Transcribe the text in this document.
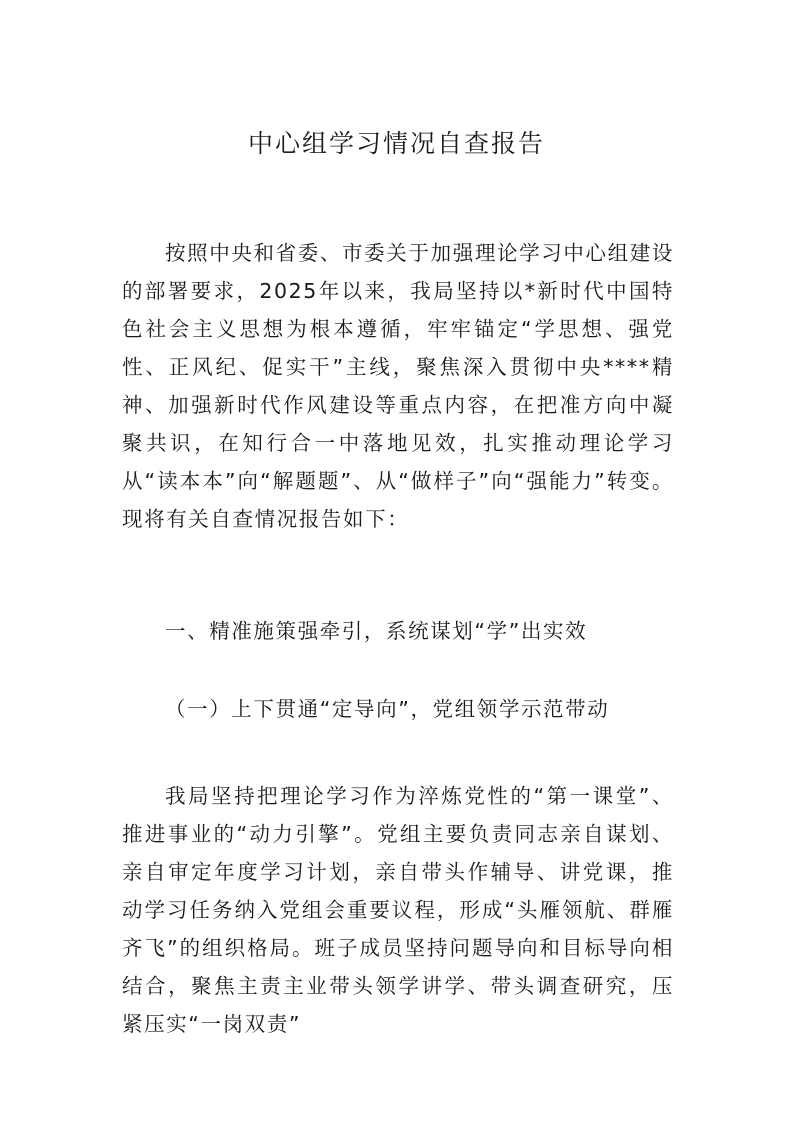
中心组学习情况自查报告

按照中央和省委、市委关于加强理论学习中心组建设的部署要求，2025年以来，我局坚持以*新时代中国特色社会主义思想为根本遵循，牢牢锚定“学思想、强党性、正风纪、促实干”主线，聚焦深入贯彻中央****精神、加强新时代作风建设等重点内容，在把准方向中凝聚共识，在知行合一中落地见效，扎实推动理论学习从“读本本”向“解题题”、从“做样子”向“强能力”转变。现将有关自查情况报告如下：

一、精准施策强牵引，系统谋划“学”出实效

（一）上下贯通“定导向”，党组领学示范带动

我局坚持把理论学习作为淬炼党性的“第一课堂”、推进事业的“动力引擎”。党组主要负责同志亲自谋划、亲自审定年度学习计划，亲自带头作辅导、讲党课，推动学习任务纳入党组会重要议程，形成“头雁领航、群雁齐飞”的组织格局。班子成员坚持问题导向和目标导向相结合，聚焦主责主业带头领学讲学、带头调查研究，压紧压实“一岗双责”
